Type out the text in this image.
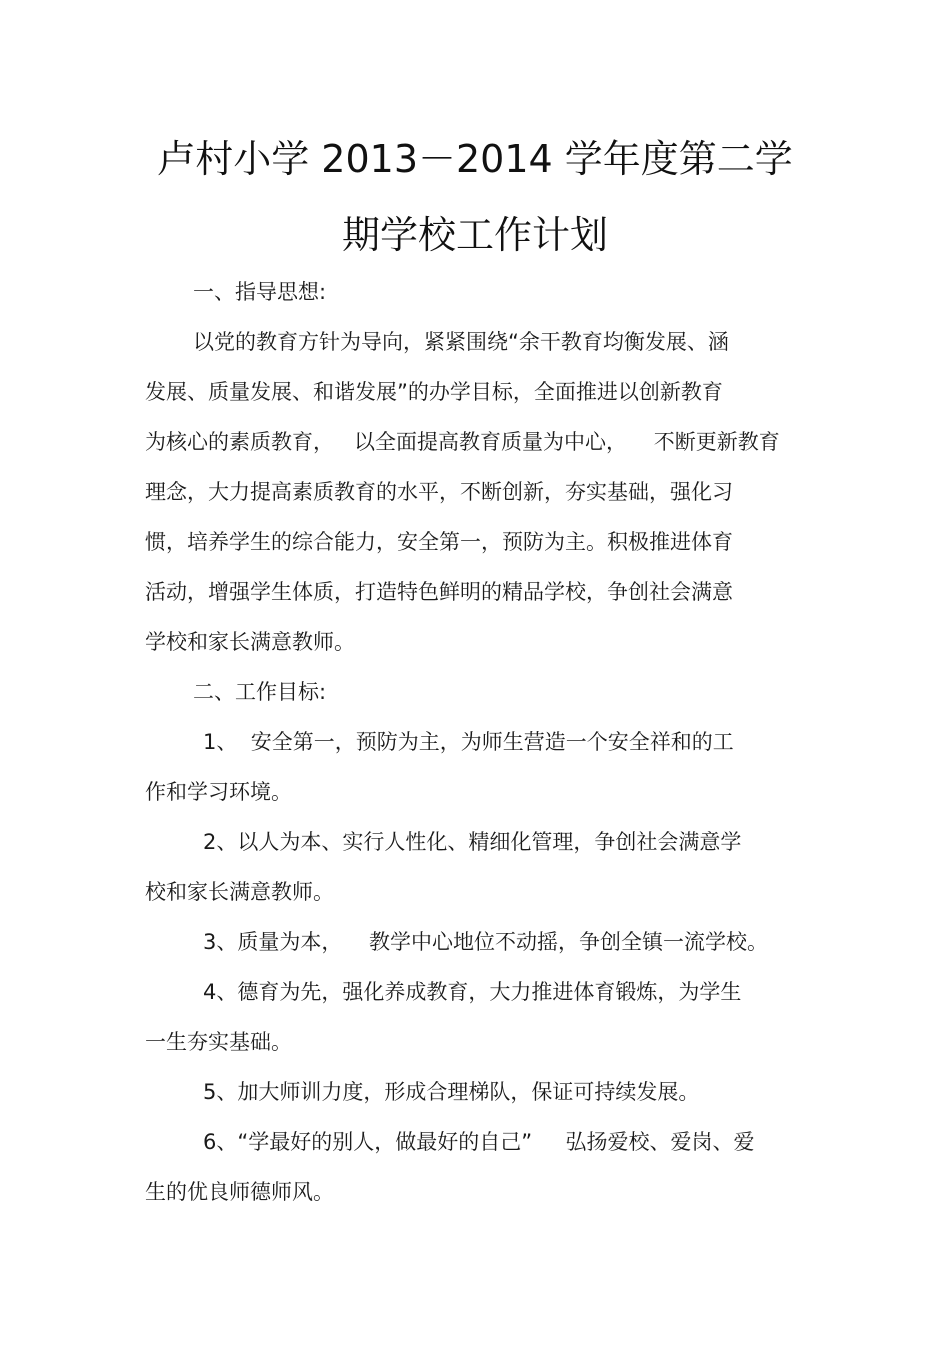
卢村小学 2013－2014 学年度第二学
期学校工作计划
一、指导思想:
以党的教育方针为导向，紧紧围绕“余干教育均衡发展、涵
发展、质量发展、和谐发展”的办学目标，全面推进以创新教育
为核心的素质教育，   以全面提高教育质量为中心，    不断更新教育
理念，大力提高素质教育的水平，不断创新，夯实基础，强化习
惯，培养学生的综合能力，安全第一，预防为主。积极推进体育
活动，增强学生体质，打造特色鲜明的精品学校，争创社会满意
学校和家长满意教师。
二、工作目标:
1、  安全第一，预防为主，为师生营造一个安全祥和的工
作和学习环境。
2、以人为本、实行人性化、精细化管理，争创社会满意学
校和家长满意教师。
3、质量为本，    教学中心地位不动摇，争创全镇一流学校。
4、德育为先，强化养成教育，大力推进体育锻炼，为学生
一生夯实基础。
5、加大师训力度，形成合理梯队，保证可持续发展。
6、“学最好的别人，做最好的自己”     弘扬爱校、爱岗、爱
生的优良师德师风。
